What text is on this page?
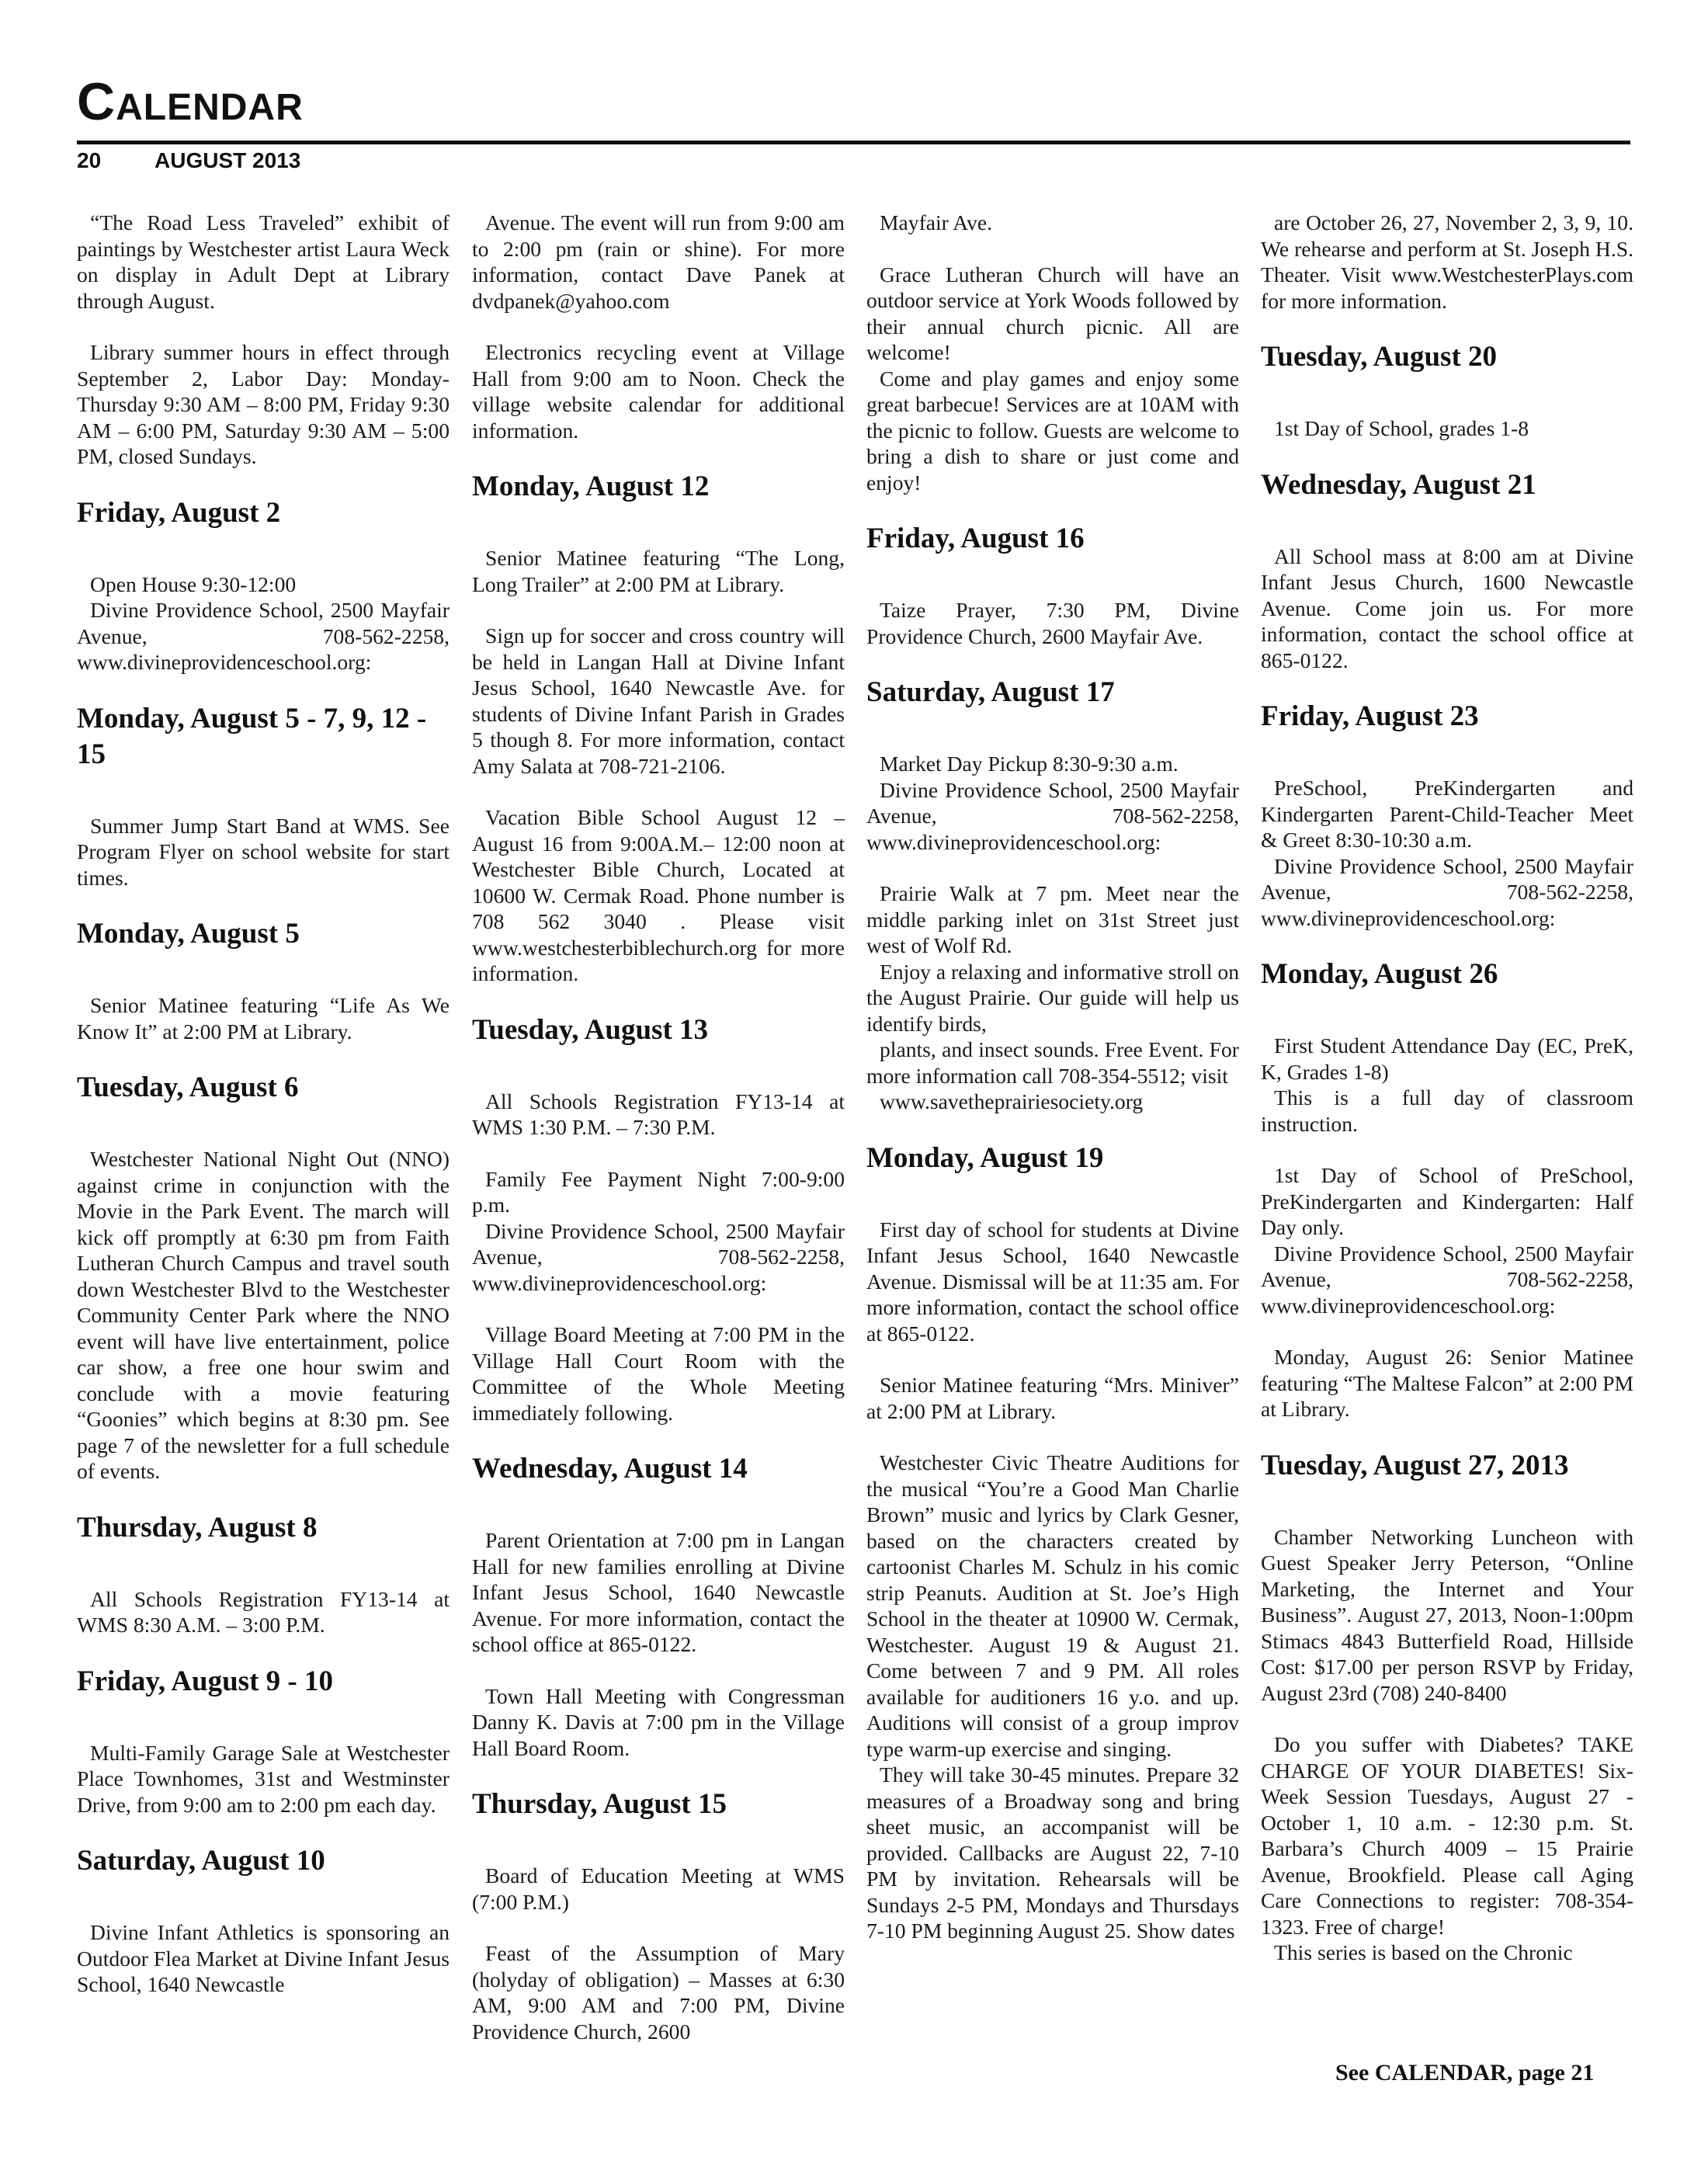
Calendar
20 AUGUST 2013

“The Road Less Traveled” exhibit of paintings by Westchester artist Laura Weck on display in Adult Dept at Library through August.

Library summer hours in effect through September 2, Labor Day: Monday-Thursday 9:30 AM – 8:00 PM, Friday 9:30 AM – 6:00 PM, Saturday 9:30 AM – 5:00 PM, closed Sundays.

Friday, August 2

Open House 9:30-12:00

Divine Providence School, 2500 Mayfair Avenue, 708-562-2258, www.divineprovidenceschool.org:

Monday, August 5 - 7, 9, 12 - 15

Summer Jump Start Band at WMS. See Program Flyer on school website for start times.

Monday, August 5

Senior Matinee featuring “Life As We Know It” at 2:00 PM at Library.

Tuesday, August 6

Westchester National Night Out (NNO) against crime in conjunction with the Movie in the Park Event. The march will kick off promptly at 6:30 pm from Faith Lutheran Church Campus and travel south down Westchester Blvd to the Westchester Community Center Park where the NNO event will have live entertainment, police car show, a free one hour swim and conclude with a movie featuring “Goonies” which begins at 8:30 pm. See page 7 of the newsletter for a full schedule of events.

Thursday, August 8

All Schools Registration FY13-14 at WMS 8:30 A.M. – 3:00 P.M.

Friday, August 9 - 10

Multi-Family Garage Sale at Westchester Place Townhomes, 31st and Westminster Drive, from 9:00 am to 2:00 pm each day.

Saturday, August 10

Divine Infant Athletics is sponsoring an Outdoor Flea Market at Divine Infant Jesus School, 1640 Newcastle

Avenue. The event will run from 9:00 am to 2:00 pm (rain or shine). For more information, contact Dave Panek at dvdpanek@yahoo.com

Electronics recycling event at Village Hall from 9:00 am to Noon. Check the village website calendar for additional information.

Monday, August 12

Senior Matinee featuring “The Long, Long Trailer” at 2:00 PM at Library.

Sign up for soccer and cross country will be held in Langan Hall at Divine Infant Jesus School, 1640 Newcastle Ave. for students of Divine Infant Parish in Grades 5 though 8. For more information, contact Amy Salata at 708-721-2106.

Vacation Bible School August 12 – August 16 from 9:00A.M.– 12:00 noon at Westchester Bible Church, Located at 10600 W. Cermak Road. Phone number is 708 562 3040 . Please visit www.westchesterbiblechurch.org for more information.

Tuesday, August 13

All Schools Registration FY13-14 at WMS 1:30 P.M. – 7:30 P.M.

Family Fee Payment Night 7:00-9:00 p.m.

Divine Providence School, 2500 Mayfair Avenue, 708-562-2258, www.divineprovidenceschool.org:

Village Board Meeting at 7:00 PM in the Village Hall Court Room with the Committee of the Whole Meeting immediately following.

Wednesday, August 14

Parent Orientation at 7:00 pm in Langan Hall for new families enrolling at Divine Infant Jesus School, 1640 Newcastle Avenue. For more information, contact the school office at 865-0122.

Town Hall Meeting with Congressman Danny K. Davis at 7:00 pm in the Village Hall Board Room.

Thursday, August 15

Board of Education Meeting at WMS (7:00 P.M.)

Feast of the Assumption of Mary (holyday of obligation) – Masses at 6:30 AM, 9:00 AM and 7:00 PM, Divine Providence Church, 2600

Mayfair Ave.

Grace Lutheran Church will have an outdoor service at York Woods followed by their annual church picnic. All are welcome!

Come and play games and enjoy some great barbecue! Services are at 10AM with the picnic to follow. Guests are welcome to bring a dish to share or just come and enjoy!

Friday, August 16

Taize Prayer, 7:30 PM, Divine Providence Church, 2600 Mayfair Ave.

Saturday, August 17

Market Day Pickup 8:30-9:30 a.m.

Divine Providence School, 2500 Mayfair Avenue, 708-562-2258, www.divineprovidenceschool.org:

Prairie Walk at 7 pm. Meet near the middle parking inlet on 31st Street just west of Wolf Rd.

Enjoy a relaxing and informative stroll on the August Prairie. Our guide will help us identify birds,

plants, and insect sounds. Free Event. For more information call 708-354-5512; visit

www.savetheprairiesociety.org

Monday, August 19

First day of school for students at Divine Infant Jesus School, 1640 Newcastle Avenue. Dismissal will be at 11:35 am. For more information, contact the school office at 865-0122.

Senior Matinee featuring “Mrs. Miniver” at 2:00 PM at Library.

Westchester Civic Theatre Auditions for the musical “You’re a Good Man Charlie Brown” music and lyrics by Clark Gesner, based on the characters created by cartoonist Charles M. Schulz in his comic strip Peanuts. Audition at St. Joe’s High School in the theater at 10900 W. Cermak, Westchester. August 19 & August 21. Come between 7 and 9 PM. All roles available for auditioners 16 y.o. and up. Auditions will consist of a group improv type warm-up exercise and singing.

They will take 30-45 minutes. Prepare 32 measures of a Broadway song and bring sheet music, an accompanist will be provided. Callbacks are August 22, 7-10 PM by invitation. Rehearsals will be Sundays 2-5 PM, Mondays and Thursdays 7-10 PM beginning August 25. Show dates

are October 26, 27, November 2, 3, 9, 10. We rehearse and perform at St. Joseph H.S. Theater. Visit www.WestchesterPlays.com for more information.

Tuesday, August 20

1st Day of School, grades 1-8

Wednesday, August 21

All School mass at 8:00 am at Divine Infant Jesus Church, 1600 Newcastle Avenue. Come join us. For more information, contact the school office at 865-0122.

Friday, August 23

PreSchool, PreKindergarten and Kindergarten Parent-Child-Teacher Meet & Greet 8:30-10:30 a.m.

Divine Providence School, 2500 Mayfair Avenue, 708-562-2258, www.divineprovidenceschool.org:

Monday, August 26

First Student Attendance Day (EC, PreK, K, Grades 1-8)

This is a full day of classroom instruction.

1st Day of School of PreSchool, PreKindergarten and Kindergarten: Half Day only.

Divine Providence School, 2500 Mayfair Avenue, 708-562-2258, www.divineprovidenceschool.org:

Monday, August 26: Senior Matinee featuring “The Maltese Falcon” at 2:00 PM at Library.

Tuesday, August 27, 2013

Chamber Networking Luncheon with Guest Speaker Jerry Peterson, “Online Marketing, the Internet and Your Business”. August 27, 2013, Noon-1:00pm Stimacs 4843 Butterfield Road, Hillside Cost: $17.00 per person RSVP by Friday, August 23rd (708) 240-8400

Do you suffer with Diabetes? TAKE CHARGE OF YOUR DIABETES! Six-Week Session Tuesdays, August 27 - October 1, 10 a.m. - 12:30 p.m. St. Barbara’s Church 4009 – 15 Prairie Avenue, Brookfield. Please call Aging Care Connections to register: 708-354-1323. Free of charge!

This series is based on the Chronic

See CALENDAR, page 21
